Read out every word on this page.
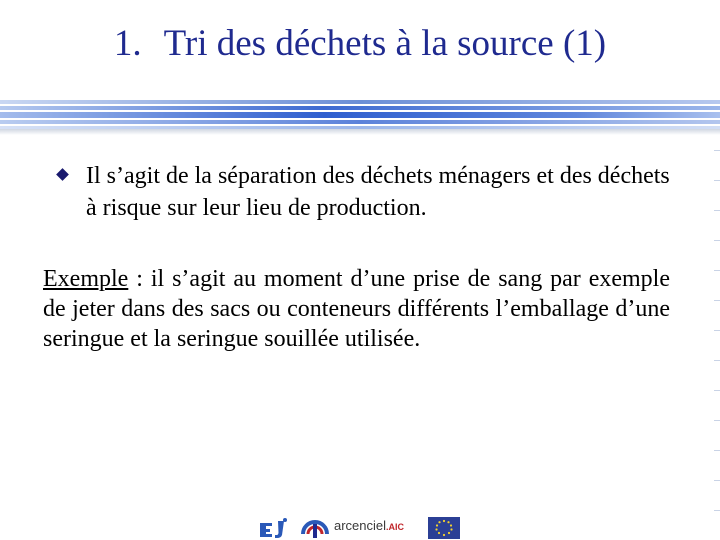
1. Tri des déchets à la source (1)
Il s’agit de la séparation des déchets ménagers et des déchets à risque sur leur lieu de production.
Exemple : il s’agit au moment d’une prise de sang par exemple de jeter dans des sacs ou conteneurs différents l’emballage d’une seringue et la seringue souillée utilisée.
arcenciel.AIC
